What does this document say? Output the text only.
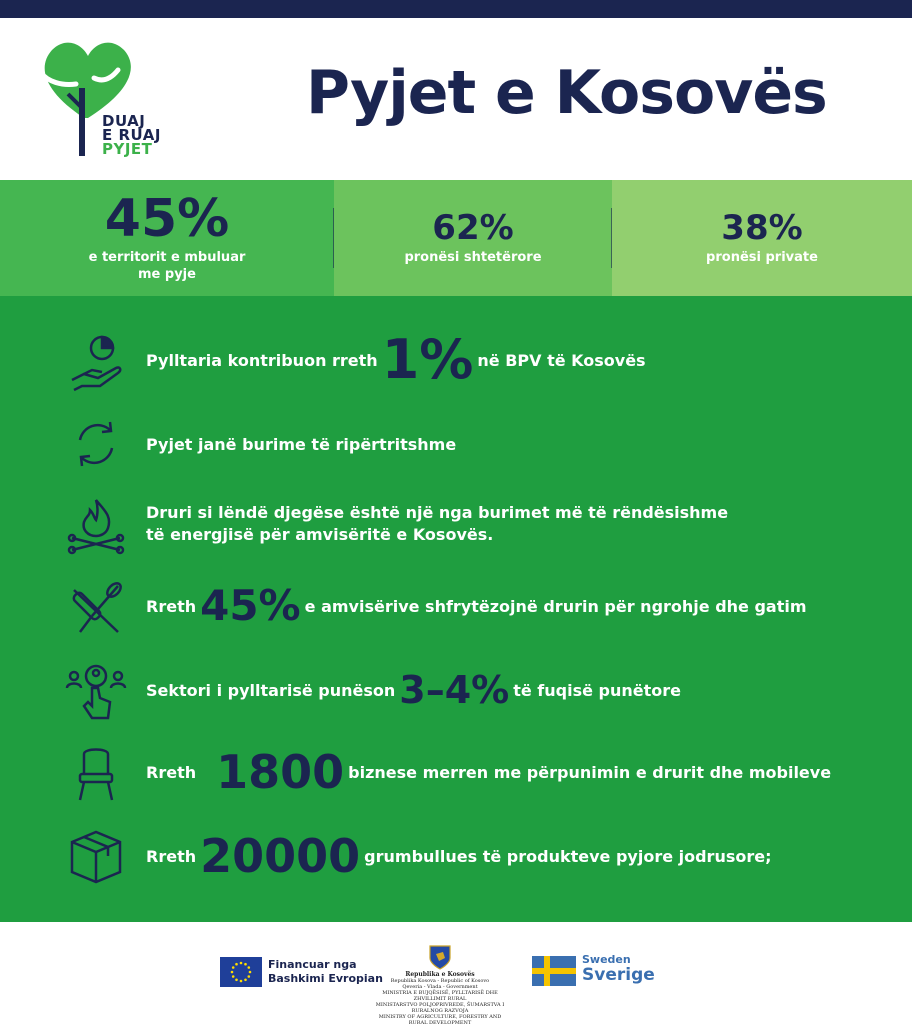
DUAJ
E RUAJ
PYJET
Pyjet e Kosovës
45%
e territorit e mbuluar me pyje
62%
pronësi shtetërore
38%
pronësi private
Pylltaria kontribuon rreth 1% në BPV të Kosovës
Pyjet janë burime të ripërtritshme
Druri si lëndë djegëse është një nga burimet më të rëndësishme
të energjisë për amvisëritë e Kosovës.
Rreth 45% e amvisërive shfrytëzojnë drurin për ngrohje dhe gatim
Sektori i pylltarisë punëson 3–4% të fuqisë punëtore
Rreth 1800 biznese merren me përpunimin e drurit dhe mobileve
Rreth 20000 grumbullues të produkteve pyjore jodrusore;
Financuar nga
Bashkimi Evropian	Republika e Kosovës
Republika Kosova - Republic of Kosovo
Qeveria - Vlada - Government
MINISTRIA E BUJQËSISË, PYLLTARISË DHE ZHVILLIMIT RURAL
MINISTARSTVO POLJOPRIVREDE, ŠUMARSTVA I RURALNOG RAZVOJA
MINISTRY OF AGRICULTURE, FORESTRY AND RURAL DEVELOPMENT
Sweden
Sverige
